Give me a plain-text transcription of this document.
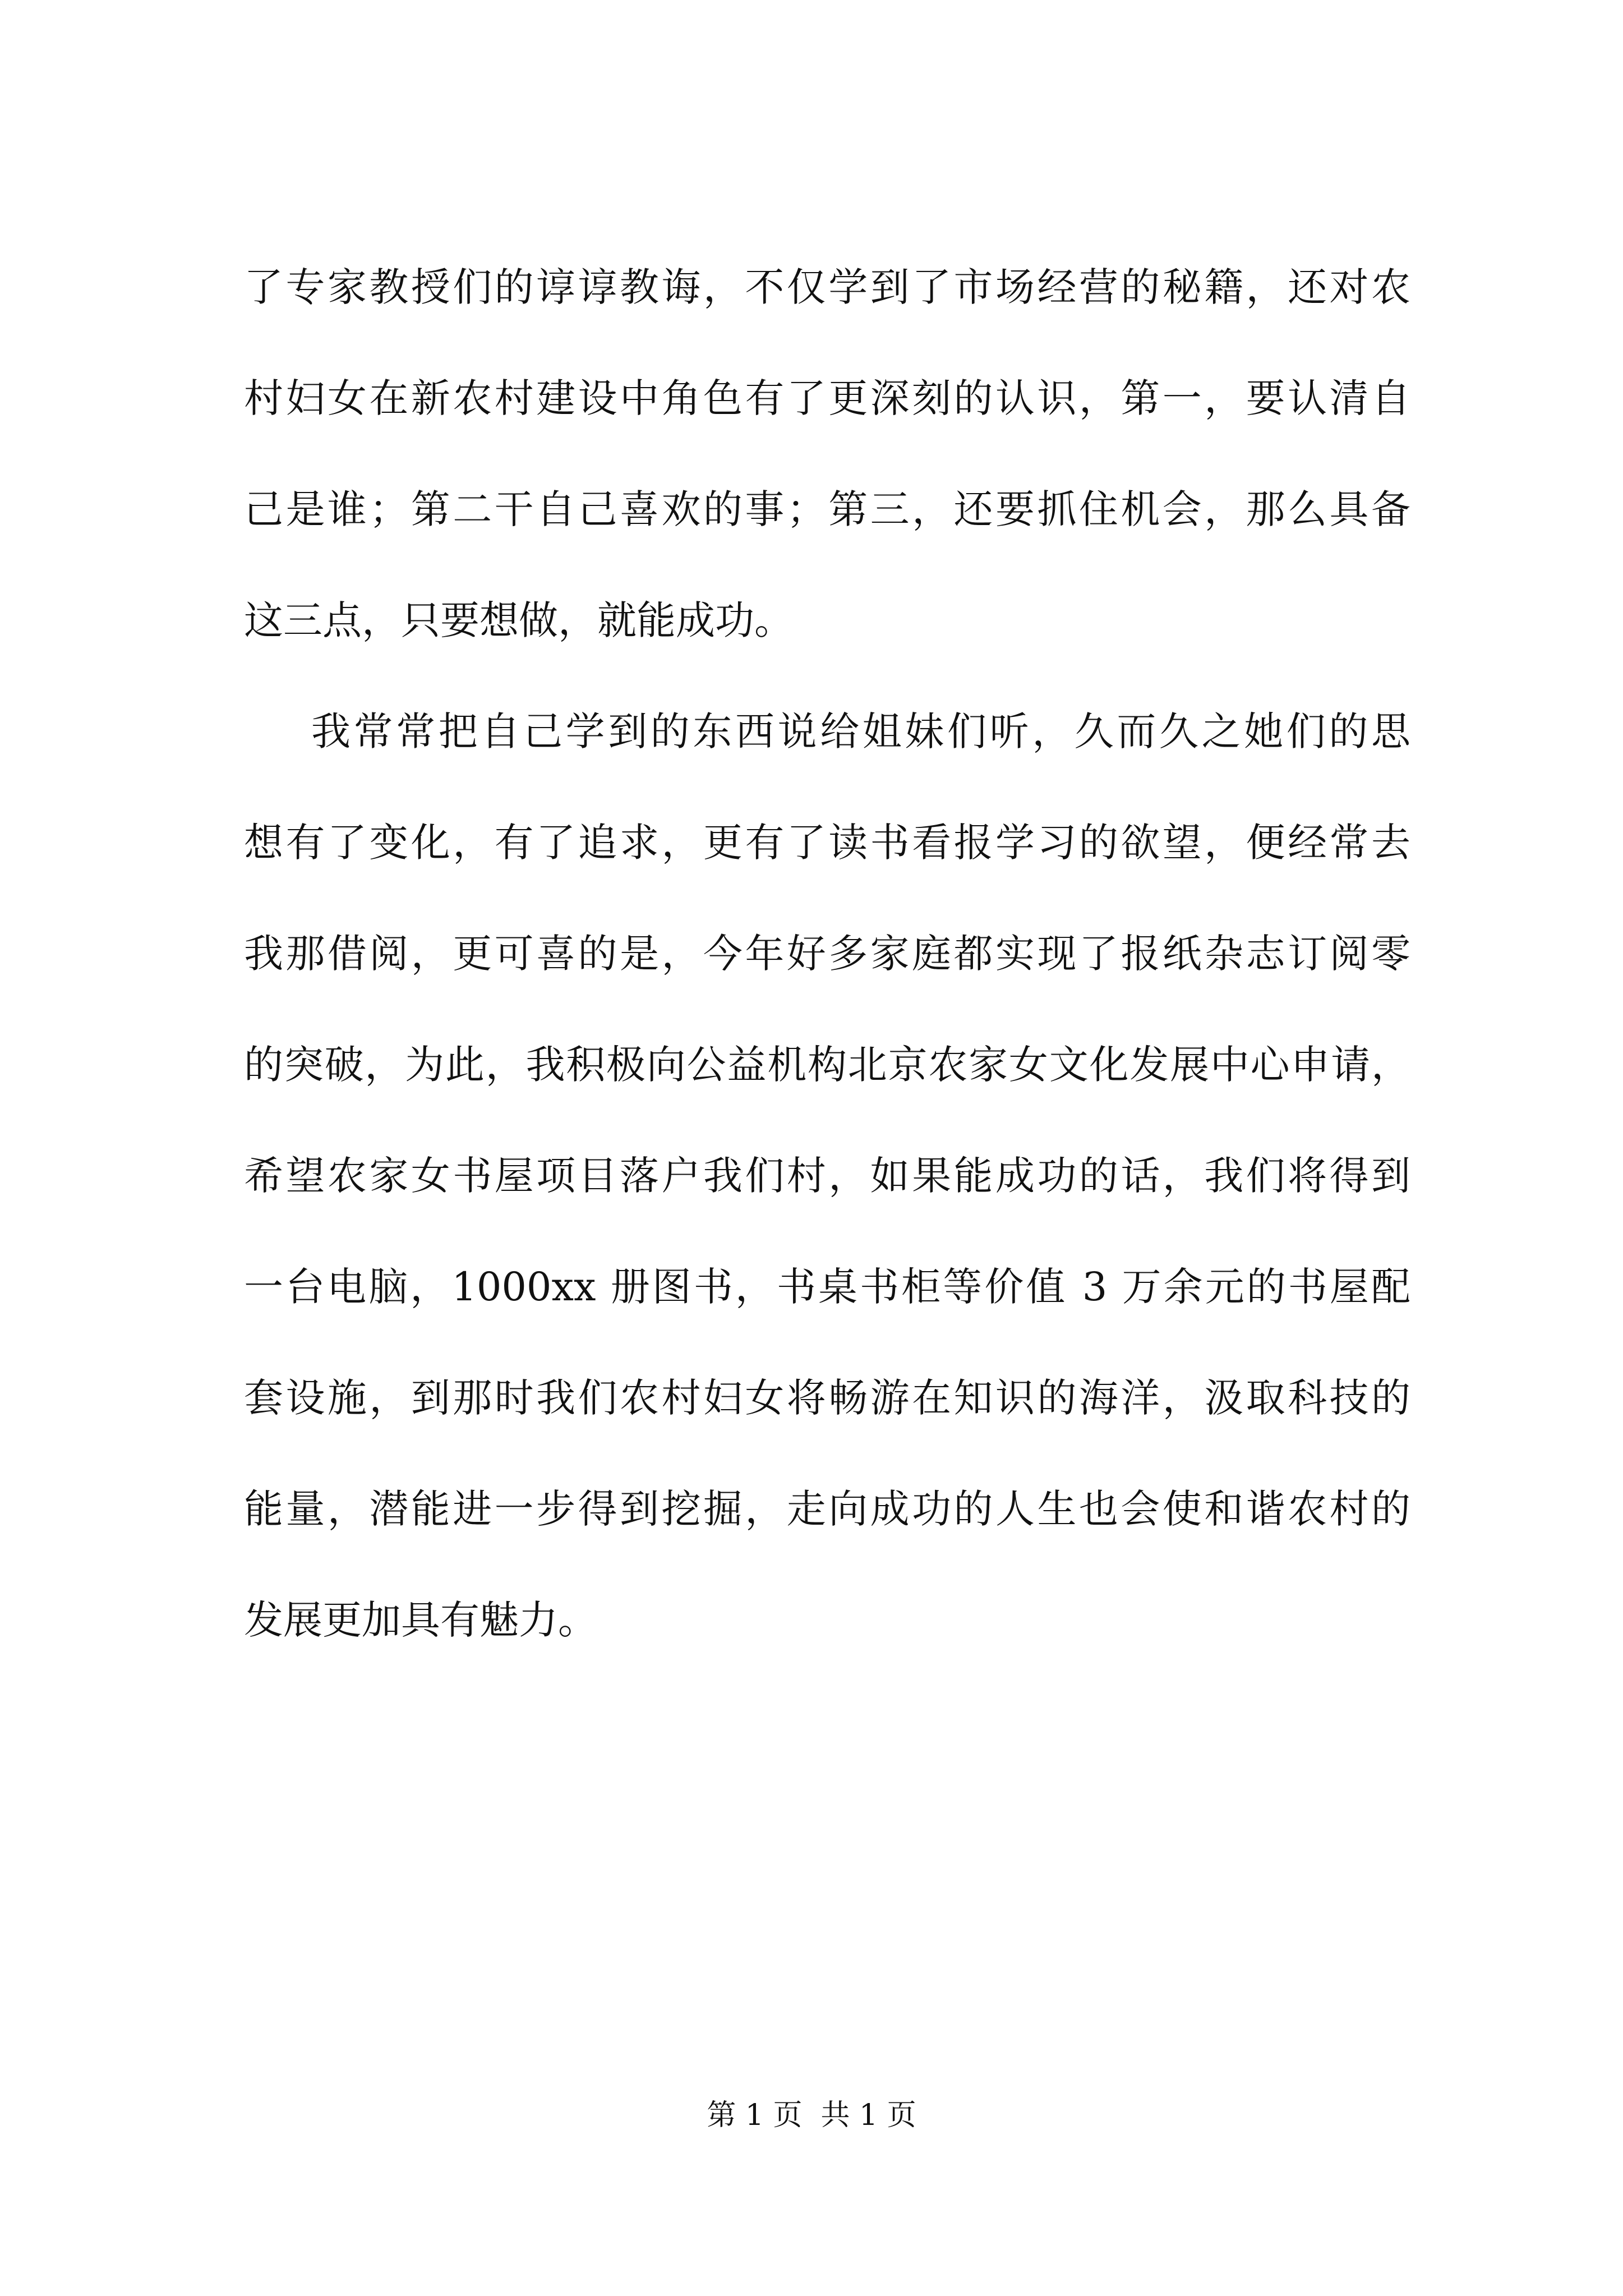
了专家教授们的谆谆教诲，不仅学到了市场经营的秘籍，还对农
村妇女在新农村建设中角色有了更深刻的认识，第一，要认清自
己是谁；第二干自己喜欢的事；第三，还要抓住机会，那么具备
这三点，只要想做，就能成功。
我常常把自己学到的东西说给姐妹们听，久而久之她们的思
想有了变化，有了追求，更有了读书看报学习的欲望，便经常去
我那借阅，更可喜的是，今年好多家庭都实现了报纸杂志订阅零
的突破，为此，我积极向公益机构北京农家女文化发展中心申请，
希望农家女书屋项目落户我们村，如果能成功的话，我们将得到
一台电脑，1000xx 册图书，书桌书柜等价值 3 万余元的书屋配
套设施，到那时我们农村妇女将畅游在知识的海洋，汲取科技的
能量，潜能进一步得到挖掘，走向成功的人生也会使和谐农村的
发展更加具有魅力。
第 1 页  共 1 页
